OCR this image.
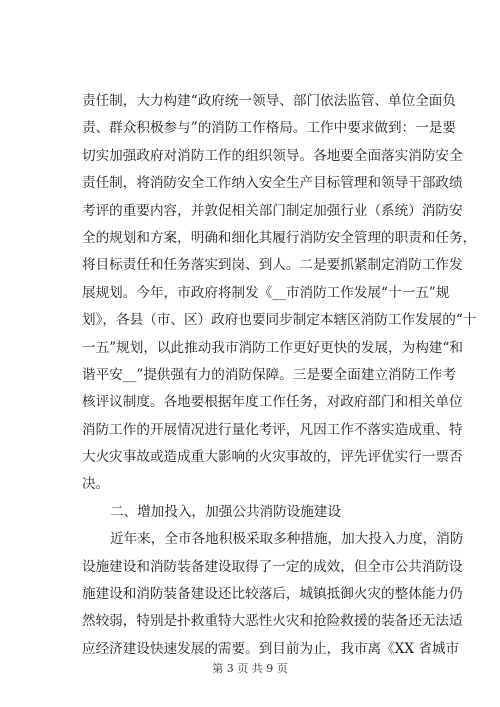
责任制，大力构建“政府统一领导、部门依法监管、单位全面负
责、群众积极参与”的消防工作格局。工作中要求做到：一是要
切实加强政府对消防工作的组织领导。各地要全面落实消防安全
责任制，将消防安全工作纳入安全生产目标管理和领导干部政绩
考评的重要内容，并敦促相关部门制定加强行业（系统）消防安
全的规划和方案，明确和细化其履行消防安全管理的职责和任务，
将目标责任和任务落实到岗、到人。二是要抓紧制定消防工作发
展规划。今年，市政府将制发《__市消防工作发展“十一五”规
划》，各县（市、区）政府也要同步制定本辖区消防工作发展的“十
一五”规划，以此推动我市消防工作更好更快的发展，为构建“和
谐平安__”提供强有力的消防保障。三是要全面建立消防工作考
核评议制度。各地要根据年度工作任务，对政府部门和相关单位
消防工作的开展情况进行量化考评，凡因工作不落实造成重、特
大火灾事故或造成重大影响的火灾事故的，评先评优实行一票否
决。
二、增加投入，加强公共消防设施建设
近年来，全市各地积极采取多种措施，加大投入力度，消防
设施建设和消防装备建设取得了一定的成效，但全市公共消防设
施建设和消防装备建设还比较落后，城镇抵御火灾的整体能力仍
然较弱，特别是扑救重特大恶性火灾和抢险救援的装备还无法适
应经济建设快速发展的需要。到目前为止，我市离《XX 省城市
第 3 页 共 9 页
